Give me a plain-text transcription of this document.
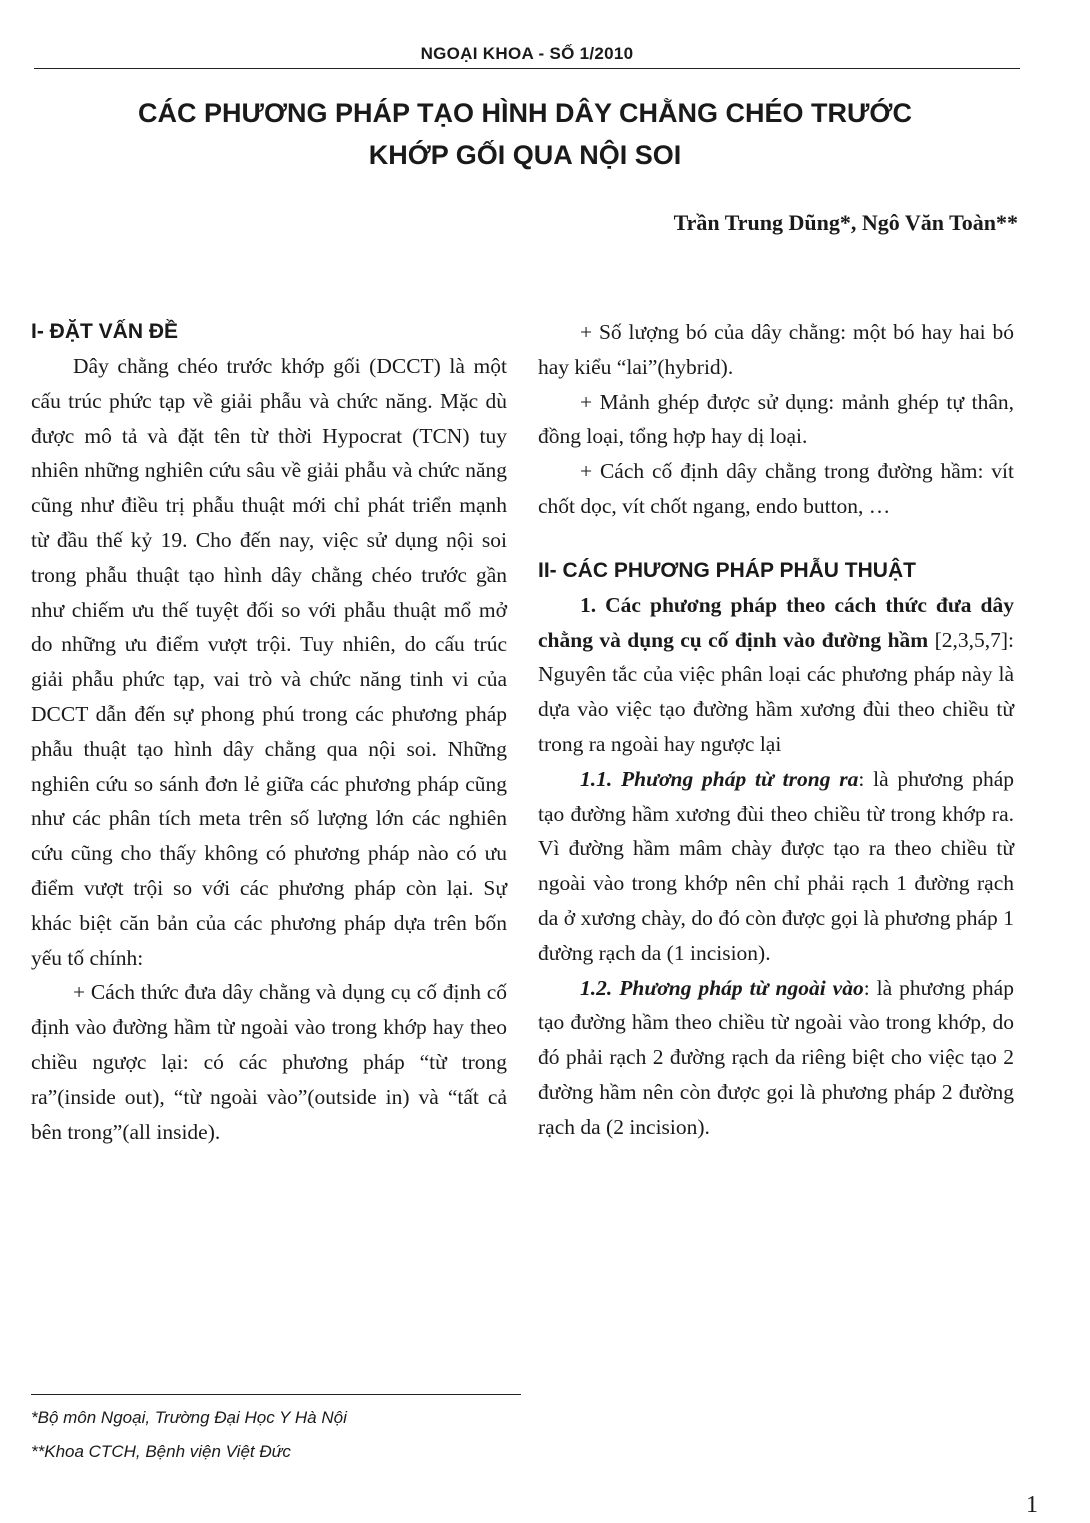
NGOẠI KHOA - SỐ 1/2010
CÁC PHƯƠNG PHÁP TẠO HÌNH DÂY CHẰNG CHÉO TRƯỚC
KHỚP GỐI QUA NỘI SOI
Trần Trung Dũng*, Ngô Văn Toàn**
I- ĐẶT VẤN ĐỀ

Dây chằng chéo trước khớp gối (DCCT) là một cấu trúc phức tạp về giải phẫu và chức năng. Mặc dù được mô tả và đặt tên từ thời Hypocrat (TCN) tuy nhiên những nghiên cứu sâu về giải phẫu và chức năng cũng như điều trị phẫu thuật mới chỉ phát triển mạnh từ đầu thế kỷ 19. Cho đến nay, việc sử dụng nội soi trong phẫu thuật tạo hình dây chằng chéo trước gần như chiếm ưu thế tuyệt đối so với phẫu thuật mổ mở do những ưu điểm vượt trội. Tuy nhiên, do cấu trúc giải phẫu phức tạp, vai trò và chức năng tinh vi của DCCT dẫn đến sự phong phú trong các phương pháp phẫu thuật tạo hình dây chằng qua nội soi. Những nghiên cứu so sánh đơn lẻ giữa các phương pháp cũng như các phân tích meta trên số lượng lớn các nghiên cứu cũng cho thấy không có phương pháp nào có ưu điểm vượt trội so với các phương pháp còn lại. Sự khác biệt căn bản của các phương pháp dựa trên bốn yếu tố chính:

+ Cách thức đưa dây chằng và dụng cụ cố định cố định vào đường hầm từ ngoài vào trong khớp hay theo chiều ngược lại: có các phương pháp “từ trong ra”(inside out), “từ ngoài vào”(outside in) và “tất cả bên trong”(all inside).

+ Số lượng bó của dây chằng: một bó hay hai bó hay kiểu “lai”(hybrid).

+ Mảnh ghép được sử dụng: mảnh ghép tự thân, đồng loại, tổng hợp hay dị loại.

+ Cách cố định dây chằng trong đường hầm: vít chốt dọc, vít chốt ngang, endo button, …

II- CÁC PHƯƠNG PHÁP PHẪU THUẬT

1. Các phương pháp theo cách thức đưa dây chằng và dụng cụ cố định vào đường hầm [2,3,5,7]: Nguyên tắc của việc phân loại các phương pháp này là dựa vào việc tạo đường hầm xương đùi theo chiều từ trong ra ngoài hay ngược lại

1.1. Phương pháp từ trong ra: là phương pháp tạo đường hầm xương đùi theo chiều từ trong khớp ra. Vì đường hầm mâm chày được tạo ra theo chiều từ ngoài vào trong khớp nên chỉ phải rạch 1 đường rạch da ở xương chày, do đó còn được gọi là phương pháp 1 đường rạch da (1 incision).

1.2. Phương pháp từ ngoài vào: là phương pháp tạo đường hầm theo chiều từ ngoài vào trong khớp, do đó phải rạch 2 đường rạch da riêng biệt cho việc tạo 2 đường hầm nên còn được gọi là phương pháp 2 đường rạch da (2 incision).

*Bộ môn Ngoại, Trường Đại Học Y Hà Nội
**Khoa CTCH, Bệnh viện Việt Đức
1
